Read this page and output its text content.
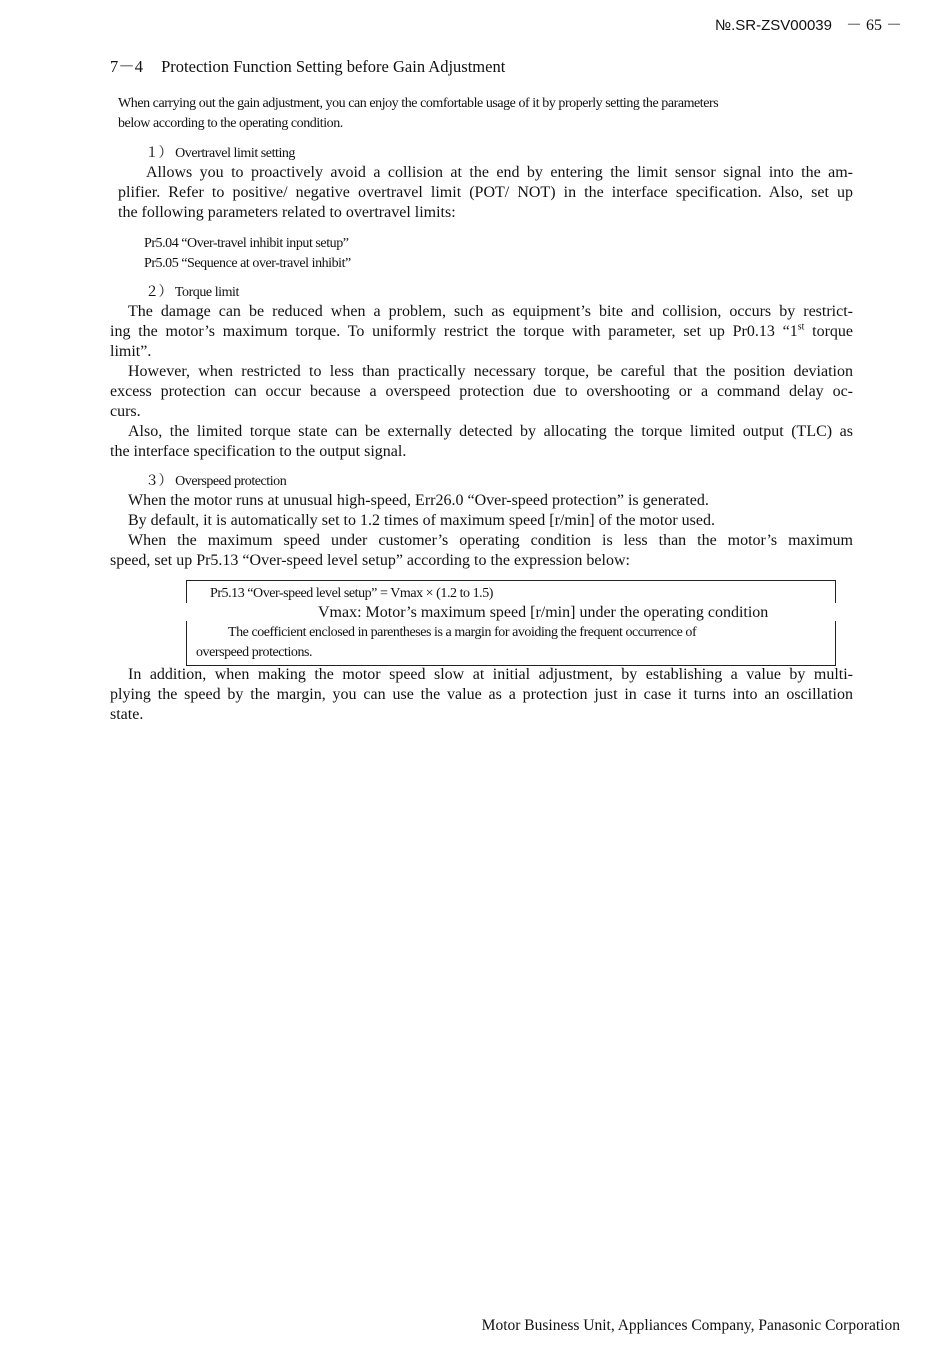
№.SR-ZSV00039 － 65 －
7－4 Protection Function Setting before Gain Adjustment
When carrying out the gain adjustment, you can enjoy the comfortable usage of it by properly setting the parameters
below according to the operating condition.
１） Overtravel limit setting
Allows you to proactively avoid a collision at the end by entering the limit sensor signal into the am-
plifier. Refer to positive/ negative overtravel limit (POT/ NOT) in the interface specification. Also, set up
the following parameters related to overtravel limits:
Pr5.04 “Over-travel inhibit input setup”
Pr5.05 “Sequence at over-travel inhibit”
２） Torque limit
The damage can be reduced when a problem, such as equipment’s bite and collision, occurs by restrict-
ing the motor’s maximum torque. To uniformly restrict the torque with parameter, set up Pr0.13 “1st torque
limit”.
However, when restricted to less than practically necessary torque, be careful that the position deviation
excess protection can occur because a overspeed protection due to overshooting or a command delay oc-
curs.
Also, the limited torque state can be externally detected by allocating the torque limited output (TLC) as
the interface specification to the output signal.
３） Overspeed protection
When the motor runs at unusual high-speed, Err26.0 “Over-speed protection” is generated.
By default, it is automatically set to 1.2 times of maximum speed [r/min] of the motor used.
When the maximum speed under customer’s operating condition is less than the motor’s maximum
speed, set up Pr5.13 “Over-speed level setup” according to the expression below:
Pr5.13 “Over-speed level setup” = Vmax × (1.2 to 1.5)
Vmax: Motor’s maximum speed [r/min] under the operating condition
The coefficient enclosed in parentheses is a margin for avoiding the frequent occurrence of
overspeed protections.
In addition, when making the motor speed slow at initial adjustment, by establishing a value by multi-
plying the speed by the margin, you can use the value as a protection just in case it turns into an oscillation
state.
Motor Business Unit, Appliances Company, Panasonic Corporation
